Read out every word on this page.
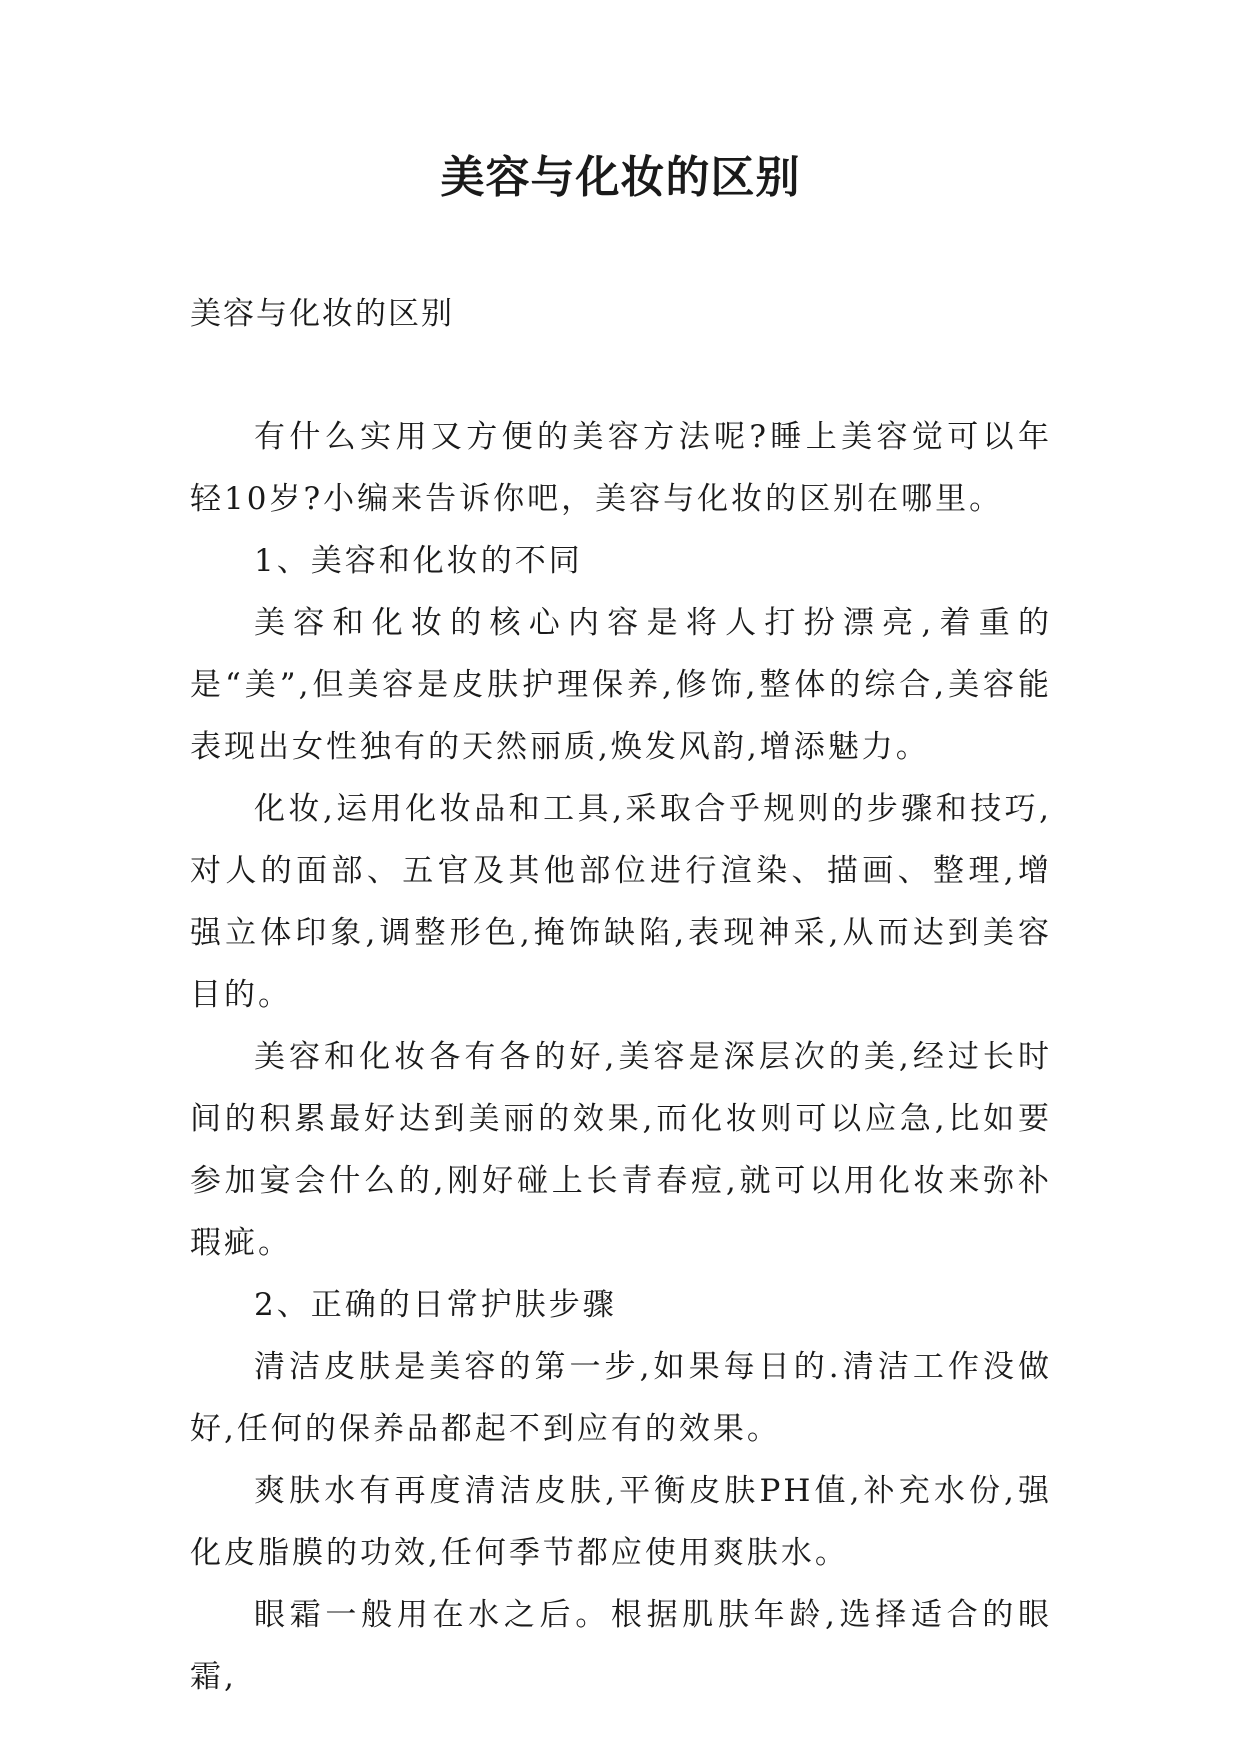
美容与化妆的区别
美容与化妆的区别

有什么实用又方便的美容方法呢?睡上美容觉可以年轻10岁?小编来告诉你吧，美容与化妆的区别在哪里。

1、美容和化妆的不同

美容和化妆的核心内容是将人打扮漂亮,着重的是“美”,但美容是皮肤护理保养,修饰,整体的综合,美容能表现出女性独有的天然丽质,焕发风韵,增添魅力。

化妆,运用化妆品和工具,采取合乎规则的步骤和技巧,对人的面部、五官及其他部位进行渲染、描画、整理,增强立体印象,调整形色,掩饰缺陷,表现神采,从而达到美容目的。

美容和化妆各有各的好,美容是深层次的美,经过长时间的积累最好达到美丽的效果,而化妆则可以应急,比如要参加宴会什么的,刚好碰上长青春痘,就可以用化妆来弥补瑕疵。

2、正确的日常护肤步骤

清洁皮肤是美容的第一步,如果每日的.清洁工作没做好,任何的保养品都起不到应有的效果。

爽肤水有再度清洁皮肤,平衡皮肤PH值,补充水份,强化皮脂膜的功效,任何季节都应使用爽肤水。

眼霜一般用在水之后。根据肌肤年龄,选择适合的眼霜,
